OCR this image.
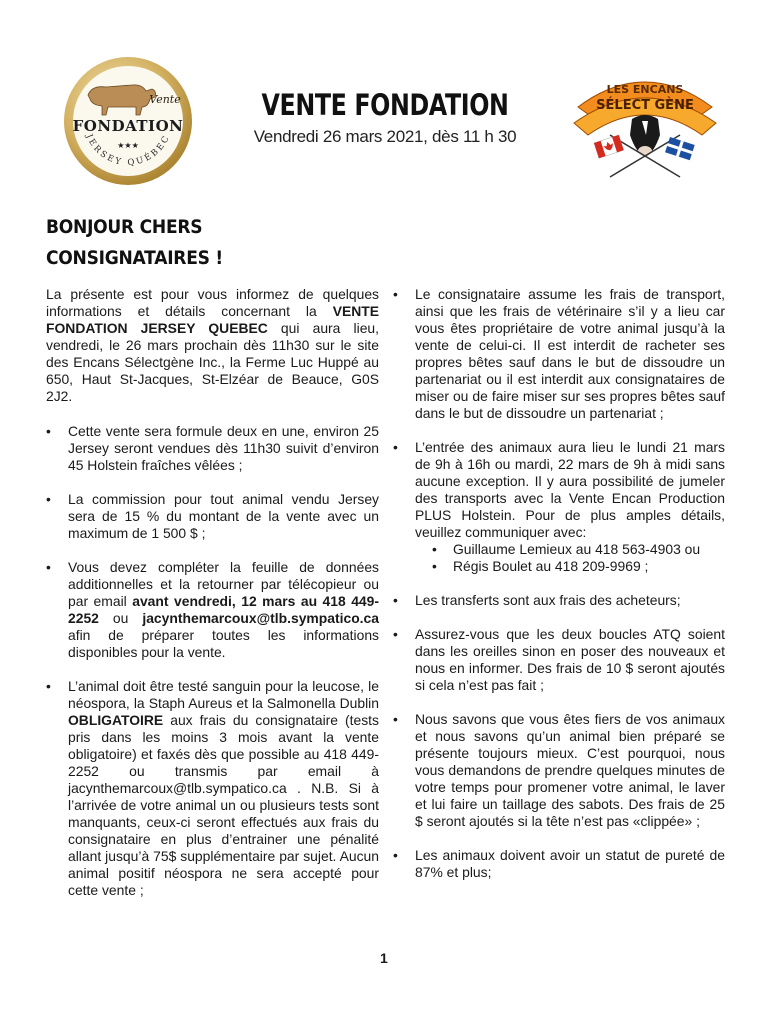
Vente
FONDATION
★★★
JERSEY QUÉBEC
VENTE FONDATION
Vendredi 26 mars 2021, dès 11 h 30
LES ENCANS
SÉLECT GÈNE
BONJOUR CHERS
CONSIGNATAIRES !

La présente est pour vous informez de quelques informations et détails concernant la VENTE FONDATION JERSEY QUEBEC qui aura lieu, vendredi, le 26 mars prochain dès 11h30 sur le site des Encans Sélectgène Inc., la Ferme Luc Huppé au 650, Haut St-Jacques, St-Elzéar de Beauce, G0S 2J2.

• Cette vente sera formule deux en une, environ 25 Jersey seront vendues dès 11h30 suivit d’environ 45 Holstein fraîches vêlées ;
• La commission pour tout animal vendu Jersey sera de 15 % du montant de la vente avec un maximum de 1 500 $ ;
• Vous devez compléter la feuille de données additionnelles et la retourner par télécopieur ou par email avant vendredi, 12 mars au 418 449-2252 ou jacynthemarcoux@tlb.sympatico.ca afin de préparer toutes les informations disponibles pour la vente.
• L’animal doit être testé sanguin pour la leucose, le néospora, la Staph Aureus et la Salmonella Dublin OBLIGATOIRE aux frais du consignataire (tests pris dans les moins 3 mois avant la vente obligatoire) et faxés dès que possible au 418 449-2252 ou transmis par email à jacynthemarcoux@tlb.sympatico.ca . N.B. Si à l’arrivée de votre animal un ou plusieurs tests sont manquants, ceux-ci seront effectués aux frais du consignataire en plus d’entrainer une pénalité allant jusqu’à 75$ supplémentaire par sujet. Aucun animal positif néospora ne sera accepté pour cette vente ;
• Le consignataire assume les frais de transport, ainsi que les frais de vétérinaire s’il y a lieu car vous êtes propriétaire de votre animal jusqu’à la vente de celui-ci. Il est interdit de racheter ses propres bêtes sauf dans le but de dissoudre un partenariat ou il est interdit aux consignataires de miser ou de faire miser sur ses propres bêtes sauf dans le but de dissoudre un partenariat ;
• L’entrée des animaux aura lieu le lundi 21 mars de 9h à 16h ou mardi, 22 mars de 9h à midi sans aucune exception. Il y aura possibilité de jumeler des transports avec la Vente Encan Production PLUS Holstein. Pour de plus amples détails, veuillez communiquer avec:
• Guillaume Lemieux au 418 563-4903 ou
• Régis Boulet au 418 209-9969 ;
• Les transferts sont aux frais des acheteurs;
• Assurez-vous que les deux boucles ATQ soient dans les oreilles sinon en poser des nouveaux et nous en informer. Des frais de 10 $ seront ajoutés si cela n’est pas fait ;
• Nous savons que vous êtes fiers de vos animaux et nous savons qu’un animal bien préparé se présente toujours mieux. C’est pourquoi, nous vous demandons de prendre quelques minutes de votre temps pour promener votre animal, le laver et lui faire un taillage des sabots. Des frais de 25 $ seront ajoutés si la tête n’est pas «clippée» ;
• Les animaux doivent avoir un statut de pureté de 87% et plus;
1
